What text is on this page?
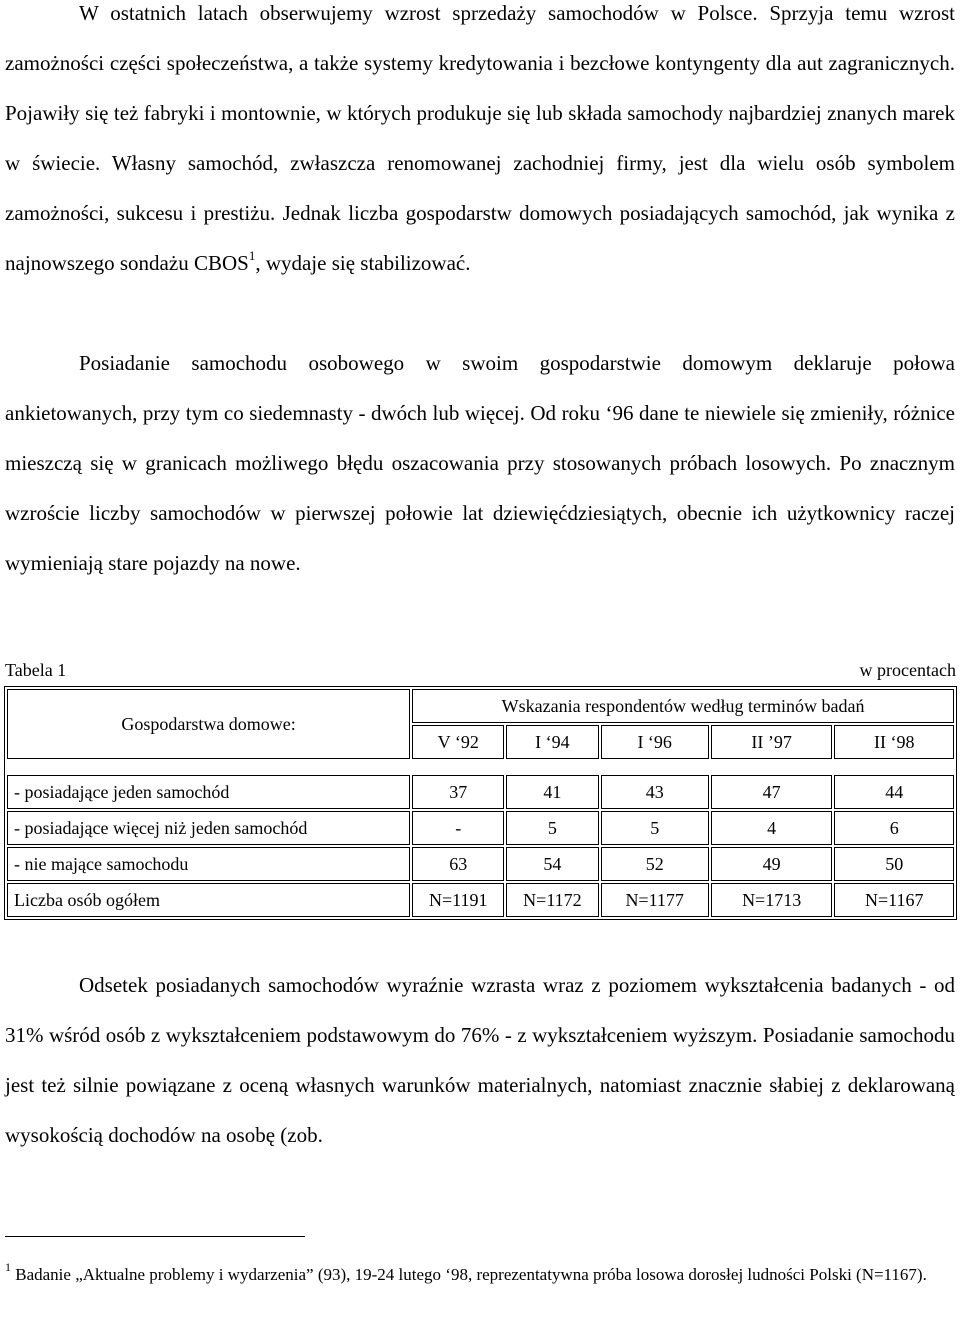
W ostatnich latach obserwujemy wzrost sprzedaży samochodów w Polsce. Sprzyja temu wzrost zamożności części społeczeństwa, a także systemy kredytowania i bezcłowe kontyngenty dla aut zagranicznych. Pojawiły się też fabryki i montownie, w których produkuje się lub składa samochody najbardziej znanych marek w świecie. Własny samochód, zwłaszcza renomowanej zachodniej firmy, jest dla wielu osób symbolem zamożności, sukcesu i prestiżu. Jednak liczba gospodarstw domowych posiadających samochód, jak wynika z najnowszego sondażu CBOS$^1$, wydaje się stabilizować.

Posiadanie samochodu osobowego w swoim gospodarstwie domowym deklaruje połowa ankietowanych, przy tym co siedemnasty - dwóch lub więcej. Od roku ‘96 dane te niewiele się zmieniły, różnice mieszczą się w granicach możliwego błędu oszacowania przy stosowanych próbach losowych. Po znacznym wzroście liczby samochodów w pierwszej połowie lat dziewięćdziesiątych, obecnie ich użytkownicy raczej wymieniają stare pojazdy na nowe.

Tabela 1	w procentach
Gospodarstwa domowe:	Wskazania respondentów według terminów badań				
	V ‘92	I ‘94	I ‘96	II ’97	II ‘98

- posiadające jeden samochód	37	41	43	47	44
- posiadające więcej niż jeden samochód	-	5	5	4	6
- nie mające samochodu	63	54	52	49	50
Liczba osób ogółem	N=1191	N=1172	N=1177	N=1713	N=1167

Odsetek posiadanych samochodów wyraźnie wzrasta wraz z poziomem wykształcenia badanych - od 31% wśród osób z wykształceniem podstawowym do 76% - z wykształceniem wyższym. Posiadanie samochodu jest też silnie powiązane z oceną własnych warunków materialnych, natomiast znacznie słabiej z deklarowaną wysokością dochodów na osobę (zob.

$^1$ Badanie „Aktualne problemy i wydarzenia” (93), 19-24 lutego ‘98, reprezentatywna próba losowa dorosłej ludności Polski (N=1167).
